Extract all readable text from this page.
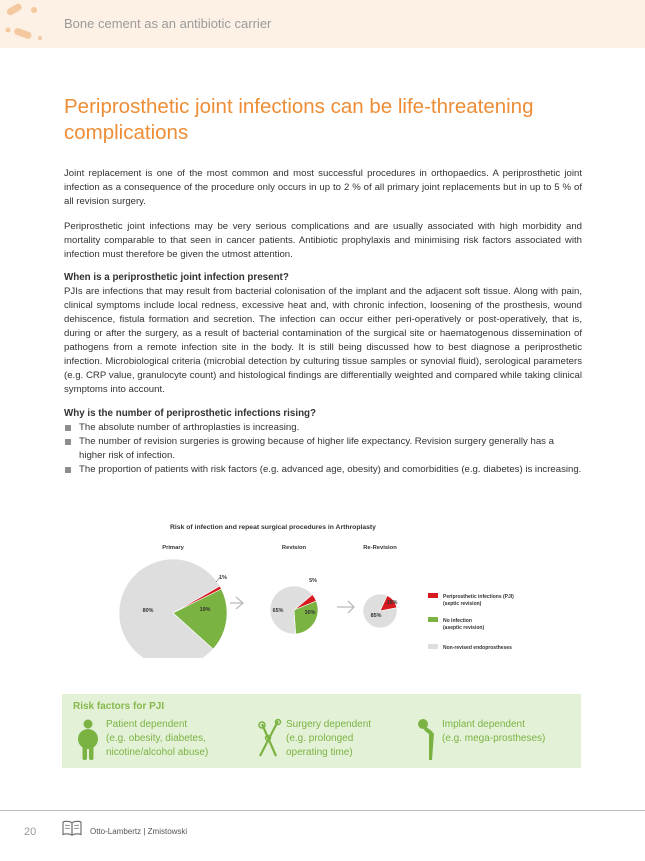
Bone cement as an antibiotic carrier
Periprosthetic joint infections can be life-threatening complications

Joint replacement is one of the most common and most successful procedures in orthopaedics. A periprosthetic joint infection as a consequence of the procedure only occurs in up to 2 % of all primary joint replacements but in up to 5 % of all revision surgery.

Periprosthetic joint infections may be very serious complications and are usually associated with high morbidity and mortality comparable to that seen in cancer patients. Antibiotic prophylaxis and minimising risk factors associated with infection must therefore be given the utmost attention.

When is a periprosthetic joint infection present?

PJIs are infections that may result from bacterial colonisation of the implant and the adjacent soft tissue. Along with pain, clinical symptoms include local redness, excessive heat and, with chronic infection, loosening of the prosthesis, wound dehiscence, fistula formation and secretion. The infection can occur either peri-operatively or post-operatively, that is, during or after the surgery, as a result of bacterial contamination of the surgical site or haematogenous dissemination of pathogens from a remote infection site in the body. It is still being discussed how to best diagnose a periprosthetic infection. Microbiological criteria (microbial detection by culturing tissue samples or synovial fluid), serological parameters (e.g. CRP value, granulocyte count) and histological findings are differentially weighted and compared while taking clinical symptoms into account.

Why is the number of periprosthetic infections rising?
The absolute number of arthroplasties is increasing.
The number of revision surgeries is growing because of higher life expectancy. Revision surgery generally has a higher risk of infection.
The proportion of patients with risk factors (e.g. advanced age, obesity) and comorbidities (e.g. diabetes) is increasing.
Risk of infection and repeat surgical procedures in Arthroplasty
Primary	Revision	Re-Revision
1%
19%
80%
5%
30%
65%
15%
85%
Periprosthetic infections (PJI)
(septic revision)
No infection
(aseptic revision)
Non-revised endoprostheses
Risk factors for PJI
Patient dependent
(e.g. obesity, diabetes,
nicotine/alcohol abuse)
Surgery dependent
(e.g. prolonged
operating time)
Implant dependent
(e.g. mega-prostheses)
20	Otto-Lambertz | Zmistowski
